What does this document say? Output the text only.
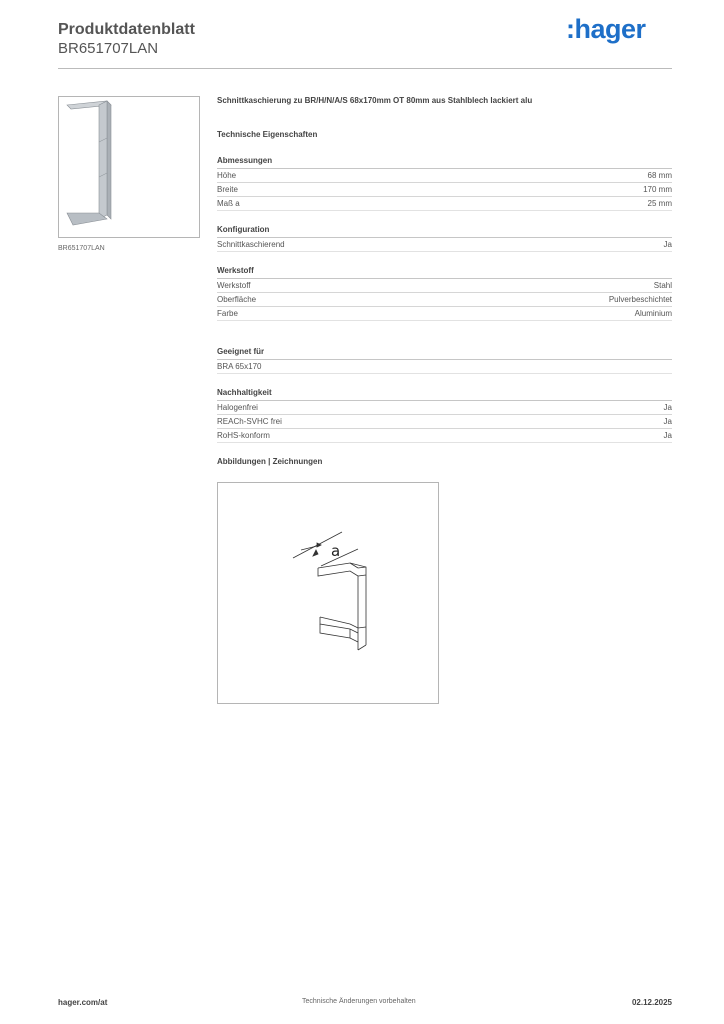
Produktdatenblatt
BR651707LAN
:hager
BR651707LAN
Schnittkaschierung zu BR/H/N/A/S 68x170mm OT 80mm aus Stahlblech lackiert alu
Technische Eigenschaften
Abmessungen
Höhe	68 mm
Breite	170 mm
Maß a	25 mm
Konfiguration
Schnittkaschierend	Ja
Werkstoff
Werkstoff	Stahl
Oberfläche	Pulverbeschichtet
Farbe	Aluminium
Geeignet für
BRA 65x170
Nachhaltigkeit
Halogenfrei	Ja
REACh-SVHC frei	Ja
RoHS-konform	Ja
Abbildungen | Zeichnungen
a
hager.com/at	Technische Änderungen vorbehalten	02.12.2025
